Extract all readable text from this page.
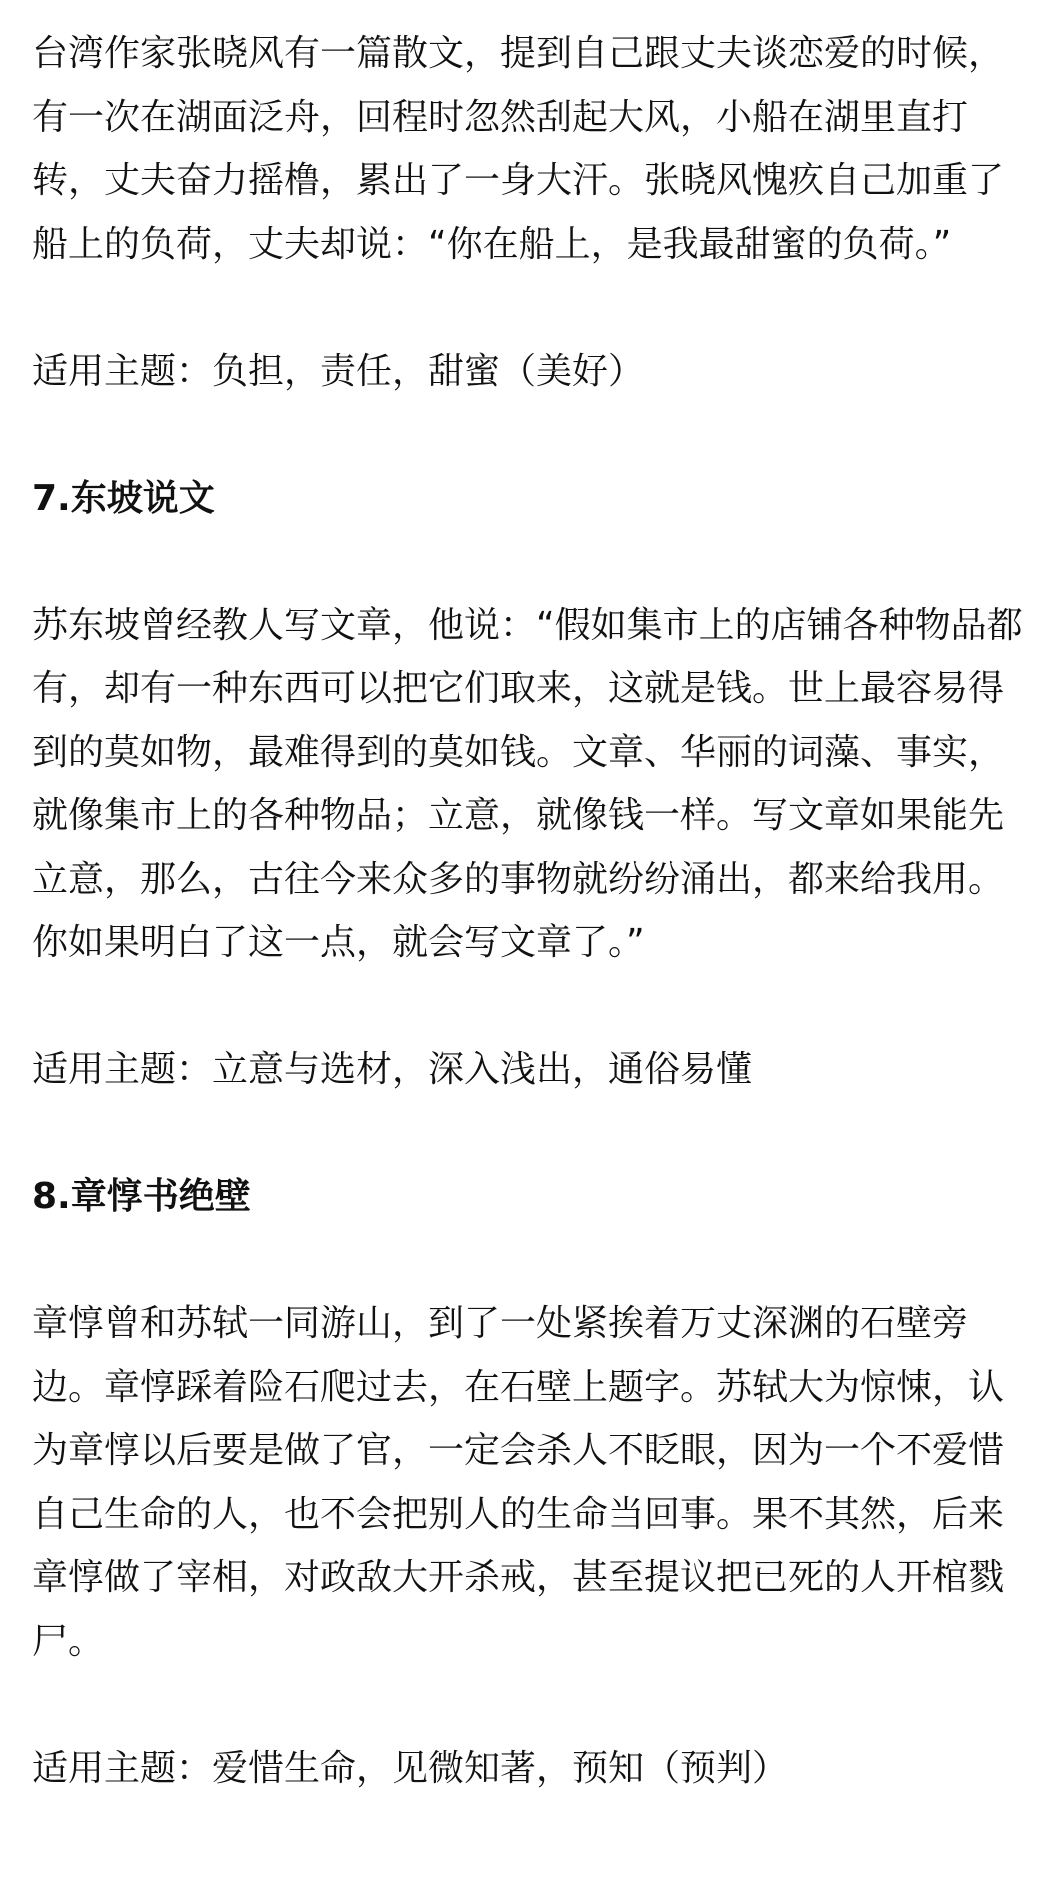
台湾作家张晓风有一篇散文，提到自己跟丈夫谈恋爱的时候，有一次在湖面泛舟，回程时忽然刮起大风，小船在湖里直打转，丈夫奋力摇橹，累出了一身大汗。张晓风愧疚自己加重了船上的负荷，丈夫却说：“你在船上，是我最甜蜜的负荷。”

适用主题：负担，责任，甜蜜（美好）

7.东坡说文

苏东坡曾经教人写文章，他说：“假如集市上的店铺各种物品都有，却有一种东西可以把它们取来，这就是钱。世上最容易得到的莫如物，最难得到的莫如钱。文章、华丽的词藻、事实，就像集市上的各种物品；立意，就像钱一样。写文章如果能先立意，那么，古往今来众多的事物就纷纷涌出，都来给我用。你如果明白了这一点，就会写文章了。”

适用主题：立意与选材，深入浅出，通俗易懂

8.章惇书绝壁

章惇曾和苏轼一同游山，到了一处紧挨着万丈深渊的石壁旁边。章惇踩着险石爬过去，在石壁上题字。苏轼大为惊悚，认为章惇以后要是做了官，一定会杀人不眨眼，因为一个不爱惜自己生命的人，也不会把别人的生命当回事。果不其然，后来章惇做了宰相，对政敌大开杀戒，甚至提议把已死的人开棺戮尸。

适用主题：爱惜生命，见微知著，预知（预判）
